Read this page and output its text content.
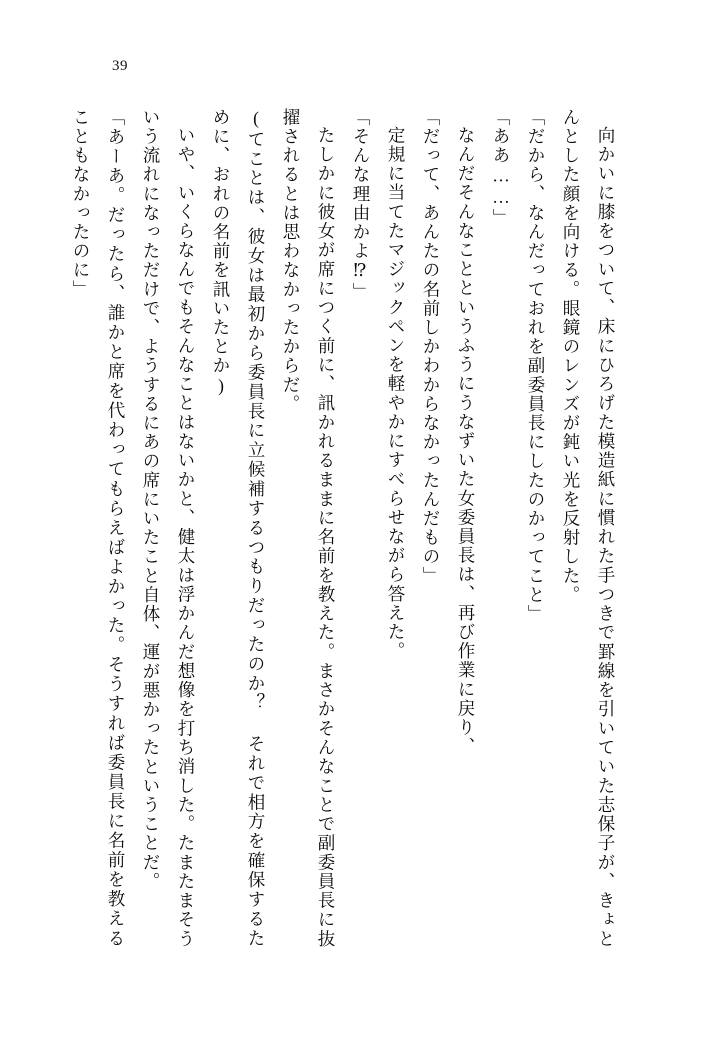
39

向かいに膝をついて、床にひろげた模造紙に慣れた手つきで罫線を引いていた志保子が、きょとんとした顔を向ける。眼鏡のレンズが鈍い光を反射した。

「だから、なんだっておれを副委員長にしたのかってこと」

「ああ……」

なんだそんなことというふうにうなずいた女委員長は、再び作業に戻り、

「だって、あんたの名前しかわからなかったんだもの」

定規に当てたマジックペンを軽やかにすべらせながら答えた。

「そんな理由かよ⁉」

たしかに彼女が席につく前に、訊かれるままに名前を教えた。まさかそんなことで副委員長に抜擢されるとは思わなかったからだ。

(てことは、彼女は最初から委員長に立候補するつもりだったのか？ それで相方を確保するために、おれの名前を訊いたとか)

いや、いくらなんでもそんなことはないかと、健太は浮かんだ想像を打ち消した。たまたまそういう流れになっただけで、ようするにあの席にいたこと自体、運が悪かったということだ。

「あーあ。だったら、誰かと席を代わってもらえばよかった。そうすれば委員長に名前を教えることもなかったのに」
